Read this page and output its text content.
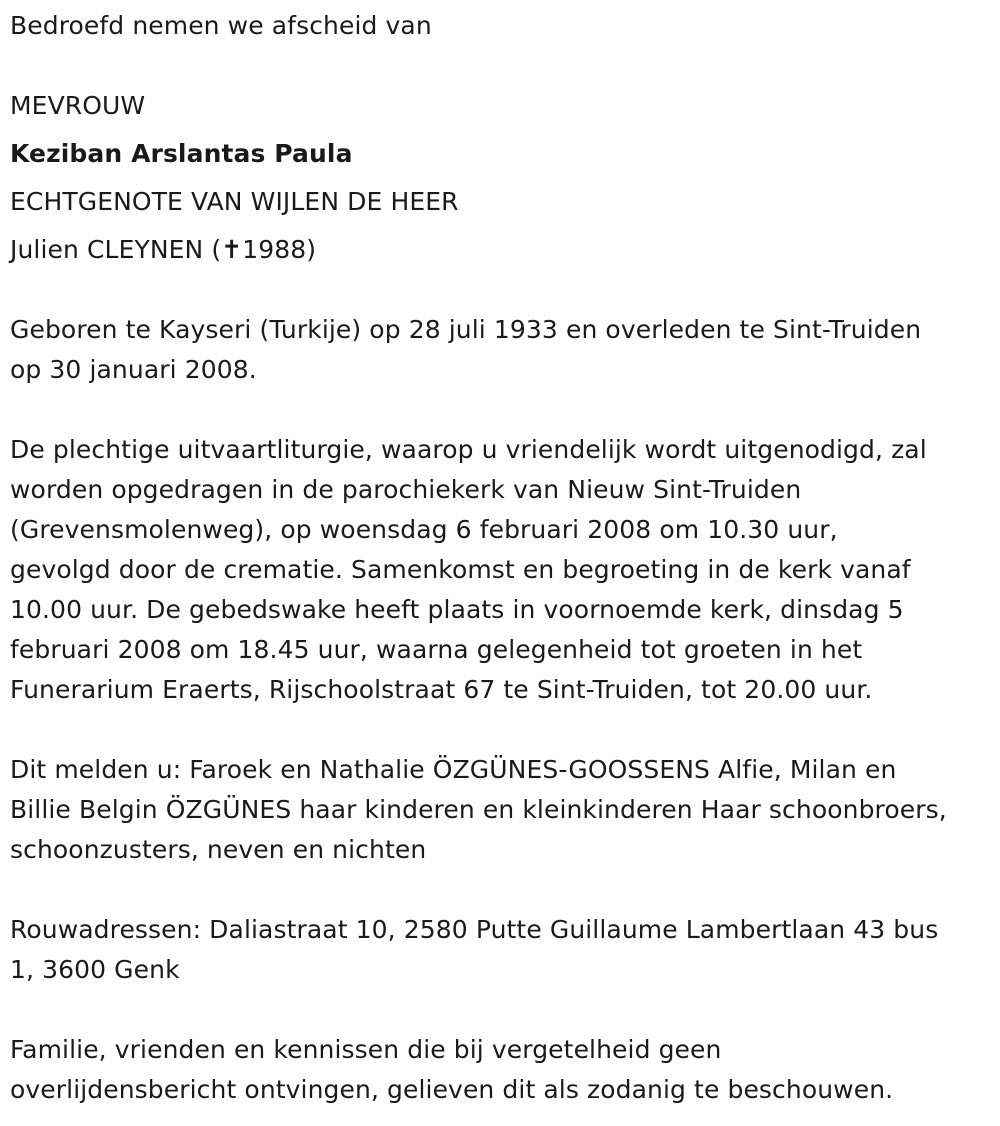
Bedroefd nemen we afscheid van
MEVROUW
Keziban Arslantas Paula
ECHTGENOTE VAN WIJLEN DE HEER
Julien CLEYNEN (✝1988)
Geboren te Kayseri (Turkije) op 28 juli 1933 en overleden te Sint-Truiden
op 30 januari 2008.
De plechtige uitvaartliturgie, waarop u vriendelijk wordt uitgenodigd, zal
worden opgedragen in de parochiekerk van Nieuw Sint-Truiden
(Grevensmolenweg), op woensdag 6 februari 2008 om 10.30 uur,
gevolgd door de crematie. Samenkomst en begroeting in de kerk vanaf
10.00 uur. De gebedswake heeft plaats in voornoemde kerk, dinsdag 5
februari 2008 om 18.45 uur, waarna gelegenheid tot groeten in het
Funerarium Eraerts, Rijschoolstraat 67 te Sint-Truiden, tot 20.00 uur.
Dit melden u: Faroek en Nathalie ÖZGÜNES-GOOSSENS Alfie, Milan en
Billie Belgin ÖZGÜNES haar kinderen en kleinkinderen Haar schoonbroers,
schoonzusters, neven en nichten
Rouwadressen: Daliastraat 10, 2580 Putte Guillaume Lambertlaan 43 bus
1, 3600 Genk
Familie, vrienden en kennissen die bij vergetelheid geen
overlijdensbericht ontvingen, gelieven dit als zodanig te beschouwen.
